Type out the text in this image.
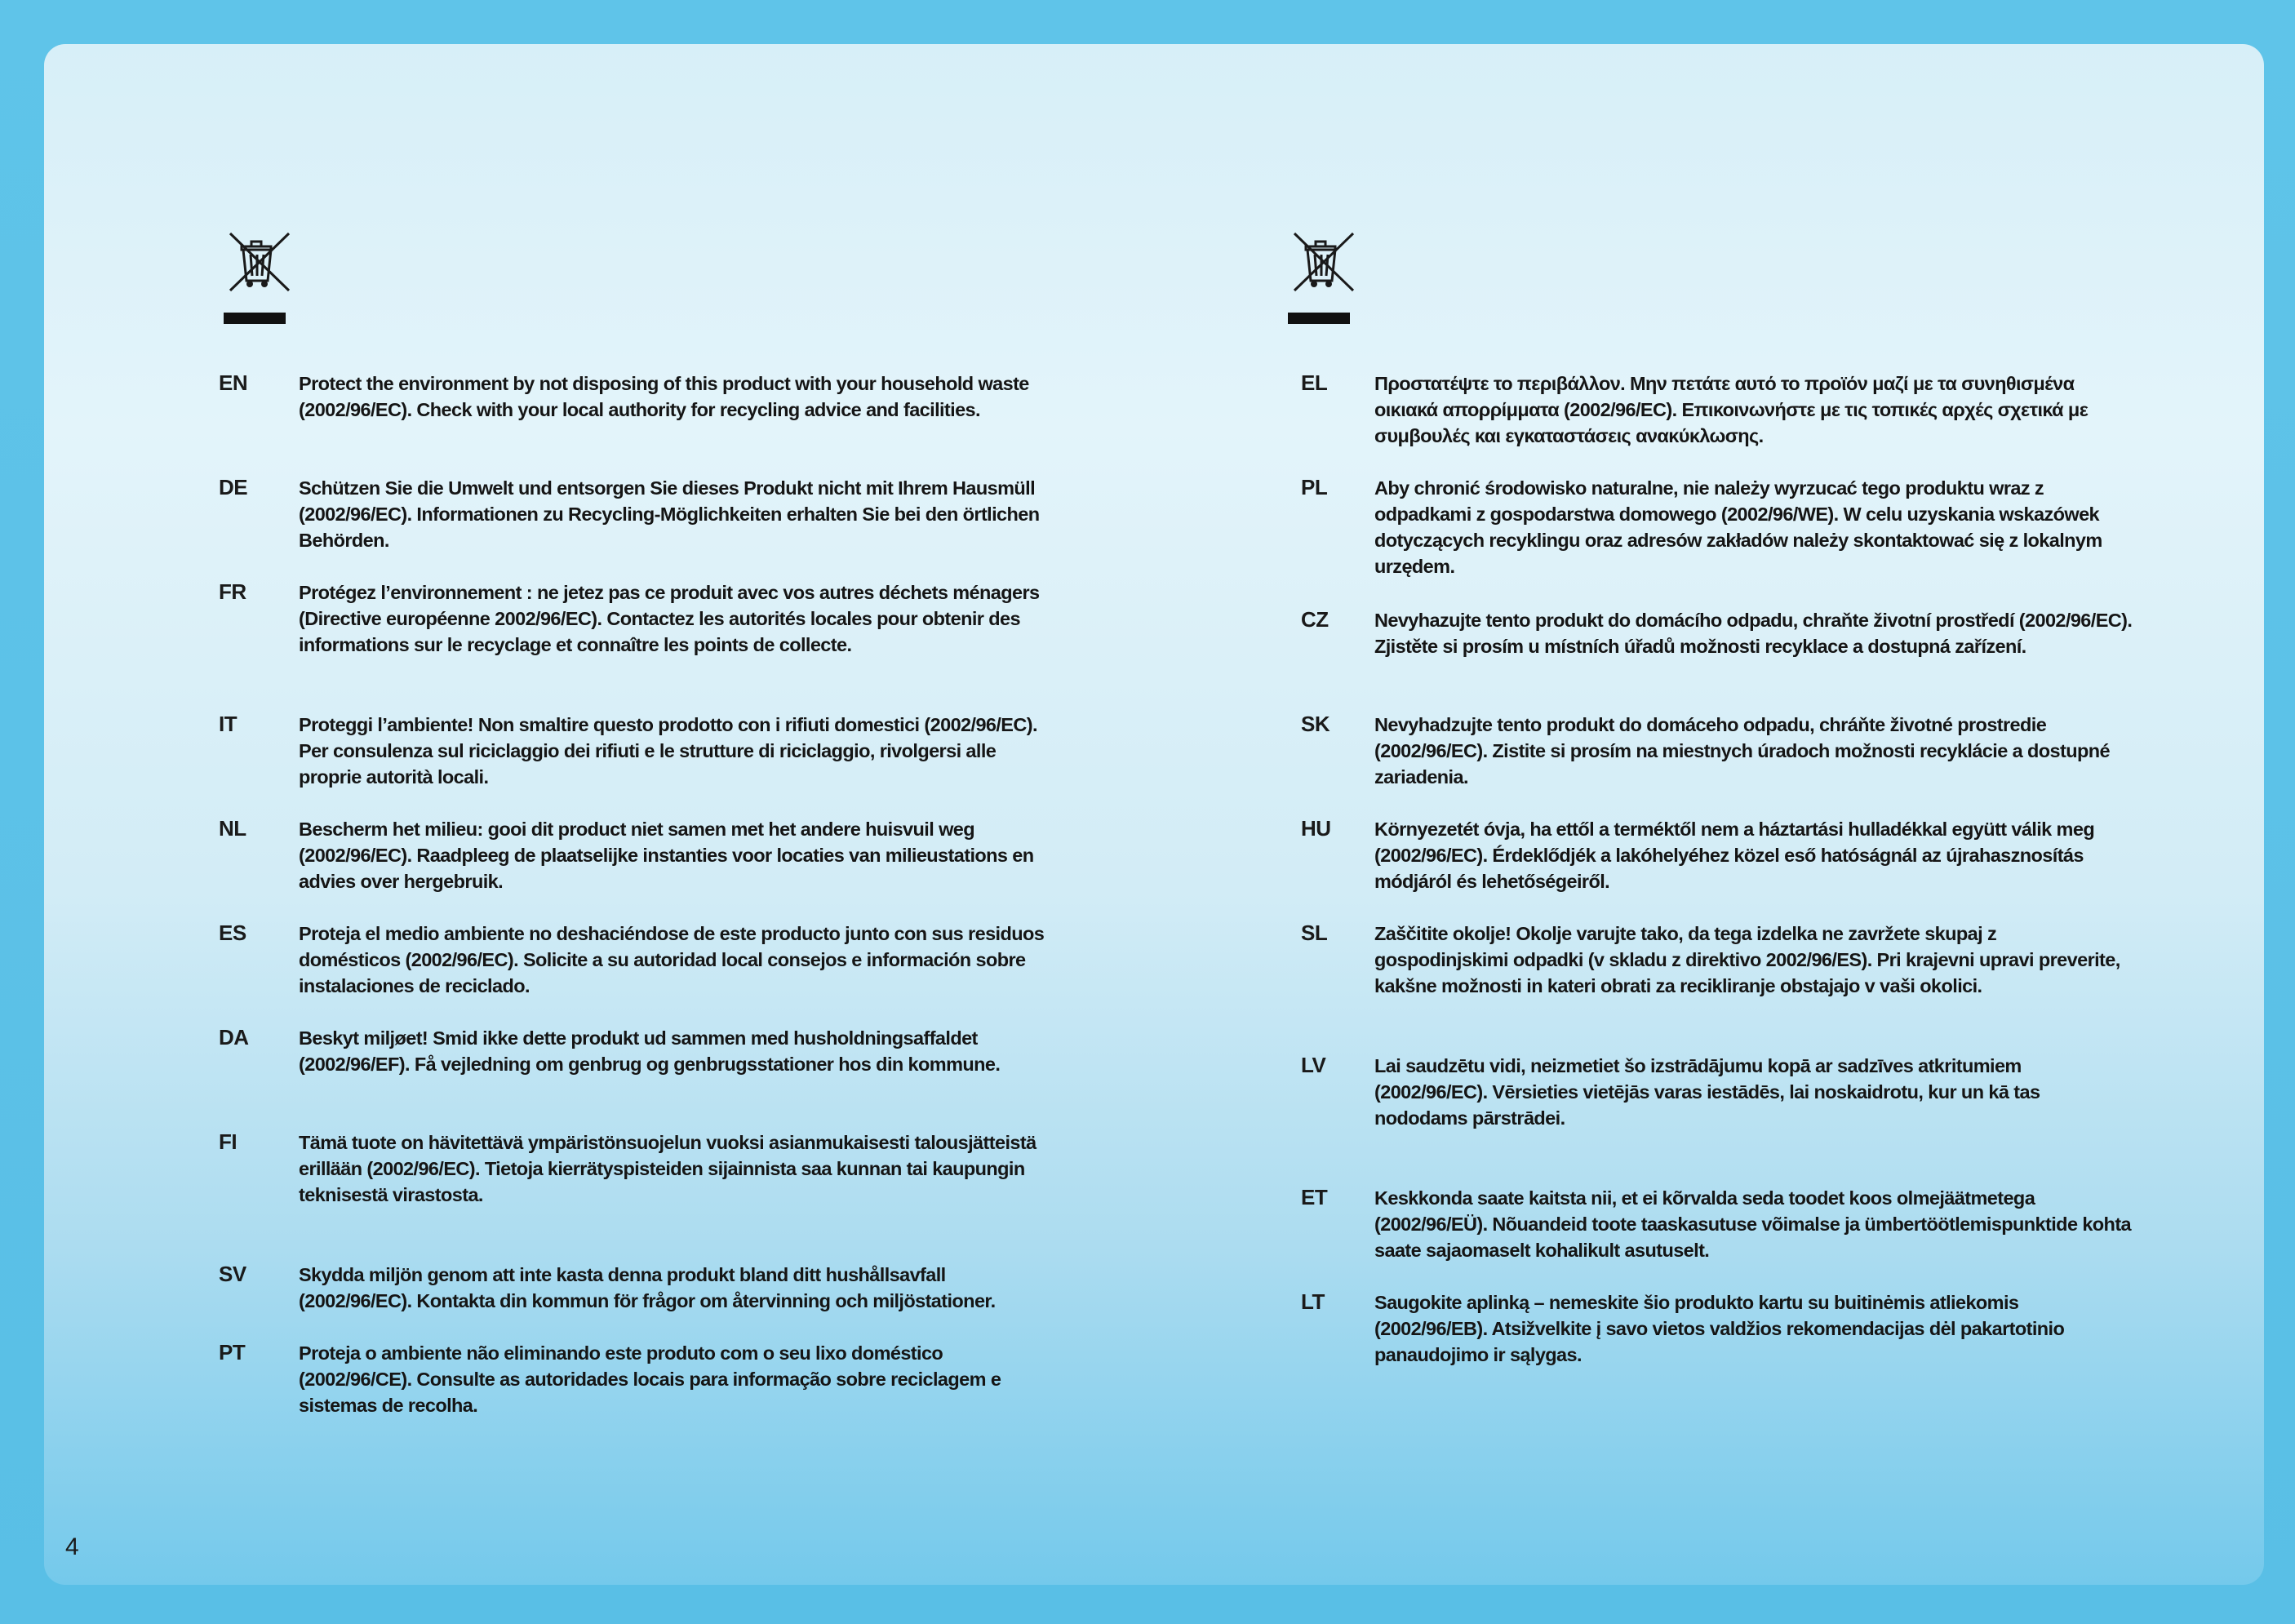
EN	Protect the environment by not disposing of this product with your household waste (2002/96/EC). Check with your local authority for recycling advice and facilities.
DE	Schützen Sie die Umwelt und entsorgen Sie dieses Produkt nicht mit Ihrem Hausmüll (2002/96/EC). Informationen zu Recycling-Möglichkeiten erhalten Sie bei den örtlichen Behörden.
FR	Protégez l’environnement : ne jetez pas ce produit avec vos autres déchets ménagers (Directive européenne 2002/96/EC). Contactez les autorités locales pour obtenir des informations sur le recyclage et connaître les points de collecte.
IT	Proteggi l’ambiente! Non smaltire questo prodotto con i rifiuti domestici (2002/96/EC). Per consulenza sul riciclaggio dei rifiuti e le strutture di riciclaggio, rivolgersi alle proprie autorità locali.
NL	Bescherm het milieu: gooi dit product niet samen met het andere huisvuil weg (2002/96/EC). Raadpleeg de plaatselijke instanties voor locaties van milieustations en advies over hergebruik.
ES	Proteja el medio ambiente no deshaciéndose de este producto junto con sus residuos domésticos (2002/96/EC). Solicite a su autoridad local consejos e información sobre instalaciones de reciclado.
DA	Beskyt miljøet! Smid ikke dette produkt ud sammen med husholdningsaffaldet (2002/96/EF). Få vejledning om genbrug og genbrugsstationer hos din kommune.
FI	Tämä tuote on hävitettävä ympäristönsuojelun vuoksi asianmukaisesti talousjätteistä erillään (2002/96/EC). Tietoja kierrätyspisteiden sijainnista saa kunnan tai kaupungin teknisestä virastosta.
SV	Skydda miljön genom att inte kasta denna produkt bland ditt hushållsavfall (2002/96/EC). Kontakta din kommun för frågor om återvinning och miljöstationer.
PT	Proteja o ambiente não eliminando este produto com o seu lixo doméstico (2002/96/CE). Consulte as autoridades locais para informação sobre reciclagem e sistemas de recolha.
EL Προστατέψτε το περιβάλλον. Μην πετάτε αυτό το προϊόν μαζί με τα συνηθισμένα οικιακά απορρίμματα (2002/96/EC). Επικοινωνήστε με τις τοπικές αρχές σχετικά με συμβουλές και εγκαταστάσεις ανακύκλωσης.
PL Aby chronić środowisko naturalne, nie należy wyrzucać tego produktu wraz z odpadkami z gospodarstwa domowego (2002/96/WE). W celu uzyskania wskazówek dotyczących recyklingu oraz adresów zakładów należy skontaktować się z lokalnym urzędem.
CZ Nevyhazujte tento produkt do domácího odpadu, chraňte životní prostředí (2002/96/EC). Zjistěte si prosím u místních úřadů možnosti recyklace a dostupná zařízení.
SK Nevyhadzujte tento produkt do domáceho odpadu, chráňte životné prostredie (2002/96/EC). Zistite si prosím na miestnych úradoch možnosti recyklácie a dostupné zariadenia.
HU Környezetét óvja, ha ettől a terméktől nem a háztartási hulladékkal együtt válik meg (2002/96/EC). Érdeklődjék a lakóhelyéhez közel eső hatóságnál az újrahasznosítás módjáról és lehetőségeiről.
SL Zaščitite okolje! Okolje varujte tako, da tega izdelka ne zavržete skupaj z gospodinjskimi odpadki (v skladu z direktivo 2002/96/ES). Pri krajevni upravi preverite, kakšne možnosti in kateri obrati za recikliranje obstajajo v vaši okolici.
LV	Lai saudzētu vidi, neizmetiet šo izstrādājumu kopā ar sadzīves atkritumiem (2002/96/EC). Vērsieties vietējās varas iestādēs, lai noskaidrotu, kur un kā tas nododams pārstrādei.
ET Keskkonda saate kaitsta nii, et ei kõrvalda seda toodet koos olmejäätmetega (2002/96/EÜ). Nõuandeid toote taaskasutuse võimalse ja ümbertöötlemispunktide kohta saate sajaomaselt kohalikult asutuselt.
LT	Saugokite aplinką – nemeskite šio produkto kartu su buitinėmis atliekomis (2002/96/EB). Atsižvelkite į savo vietos valdžios rekomendacijas dėl pakartotinio panaudojimo ir sąlygas.
4
